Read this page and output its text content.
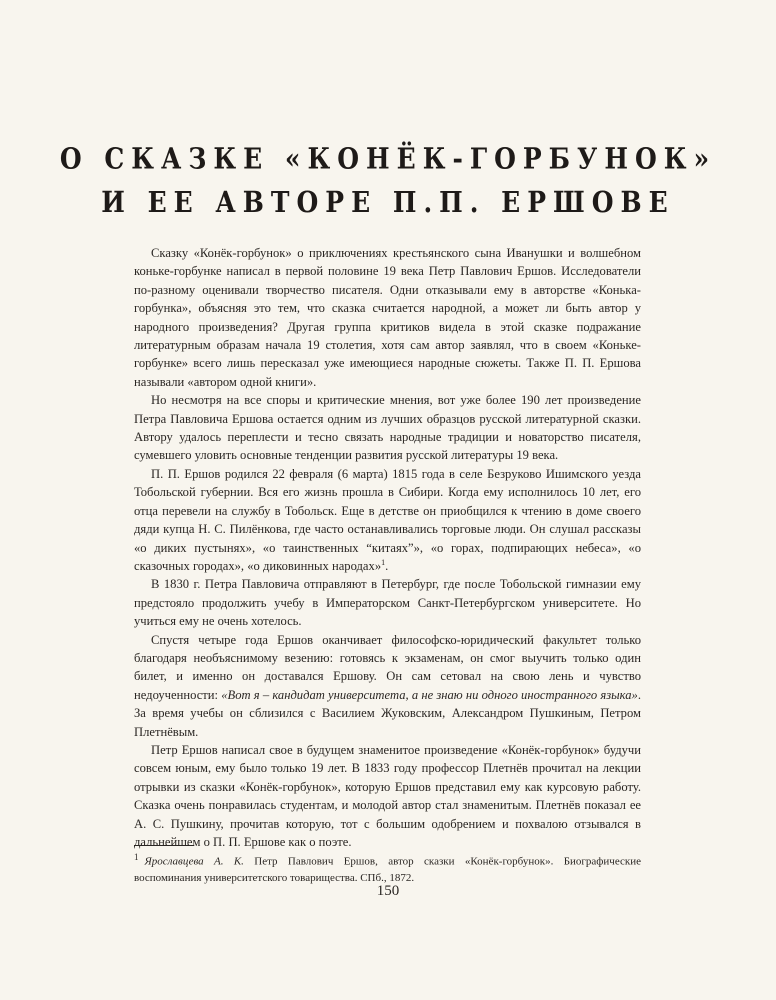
О СКАЗКЕ «КОНЁК-ГОРБУНОК»
И ЕЕ АВТОРЕ П.П. ЕРШОВЕ

Сказку «Конёк-горбунок» о приключениях крестьянского сына Иванушки и волшебном коньке-горбунке написал в первой половине 19 века Петр Павлович Ершов. Исследователи по-разному оценивали творчество писателя. Одни отказывали ему в авторстве «Конька-горбунка», объясняя это тем, что сказка считается народной, а может ли быть автор у народного произведения? Другая группа критиков видела в этой сказке подражание литературным образам начала 19 столетия, хотя сам автор заявлял, что в своем «Коньке-горбунке» всего лишь пересказал уже имеющиеся народные сюжеты. Также П. П. Ершова называли «автором одной книги».

Но несмотря на все споры и критические мнения, вот уже более 190 лет произведение Петра Павловича Ершова остается одним из лучших образцов русской литературной сказки. Автору удалось переплести и тесно связать народные традиции и новаторство писателя, сумевшего уловить основные тенденции развития русской литературы 19 века.

П. П. Ершов родился 22 февраля (6 марта) 1815 года в селе Безруково Ишимского уезда Тобольской губернии. Вся его жизнь прошла в Сибири. Когда ему исполнилось 10 лет, его отца перевели на службу в Тобольск. Еще в детстве он приобщился к чтению в доме своего дяди купца Н. С. Пилёнкова, где часто останавливались торговые люди. Он слушал рассказы «о диких пустынях», «о таинственных “китаях”», «о горах, подпирающих небеса», «о сказочных городах», «о диковинных народах»$^1$.

В 1830 г. Петра Павловича отправляют в Петербург, где после Тобольской гимназии ему предстояло продолжить учебу в Императорском Санкт-Петербургском университете. Но учиться ему не очень хотелось.

Спустя четыре года Ершов оканчивает философско-юридический факультет только благодаря необъяснимому везению: готовясь к экзаменам, он смог выучить только один билет, и именно он доставался Ершову. Он сам сетовал на свою лень и чувство недоученности: «Вот я – кандидат университета, а не знаю ни одного иностранного языка». За время учебы он сблизился с Василием Жуковским, Александром Пушкиным, Петром Плетнёвым.

Петр Ершов написал свое в будущем знаменитое произведение «Конёк-горбунок» будучи совсем юным, ему было только 19 лет. В 1833 году профессор Плетнёв прочитал на лекции отрывки из сказки «Конёк-горбунок», которую Ершов представил ему как курсовую работу. Сказка очень понравилась студентам, и молодой автор стал знаменитым. Плетнёв показал ее А. С. Пушкину, прочитав которую, тот с большим одобрением и похвалою отзывался в дальнейшем о П. П. Ершове как о поэте.

$^1$ Ярославцева А. К. Петр Павлович Ершов, автор сказки «Конёк-горбунок». Биографические воспоминания университетского товарищества. СПб., 1872.
150
